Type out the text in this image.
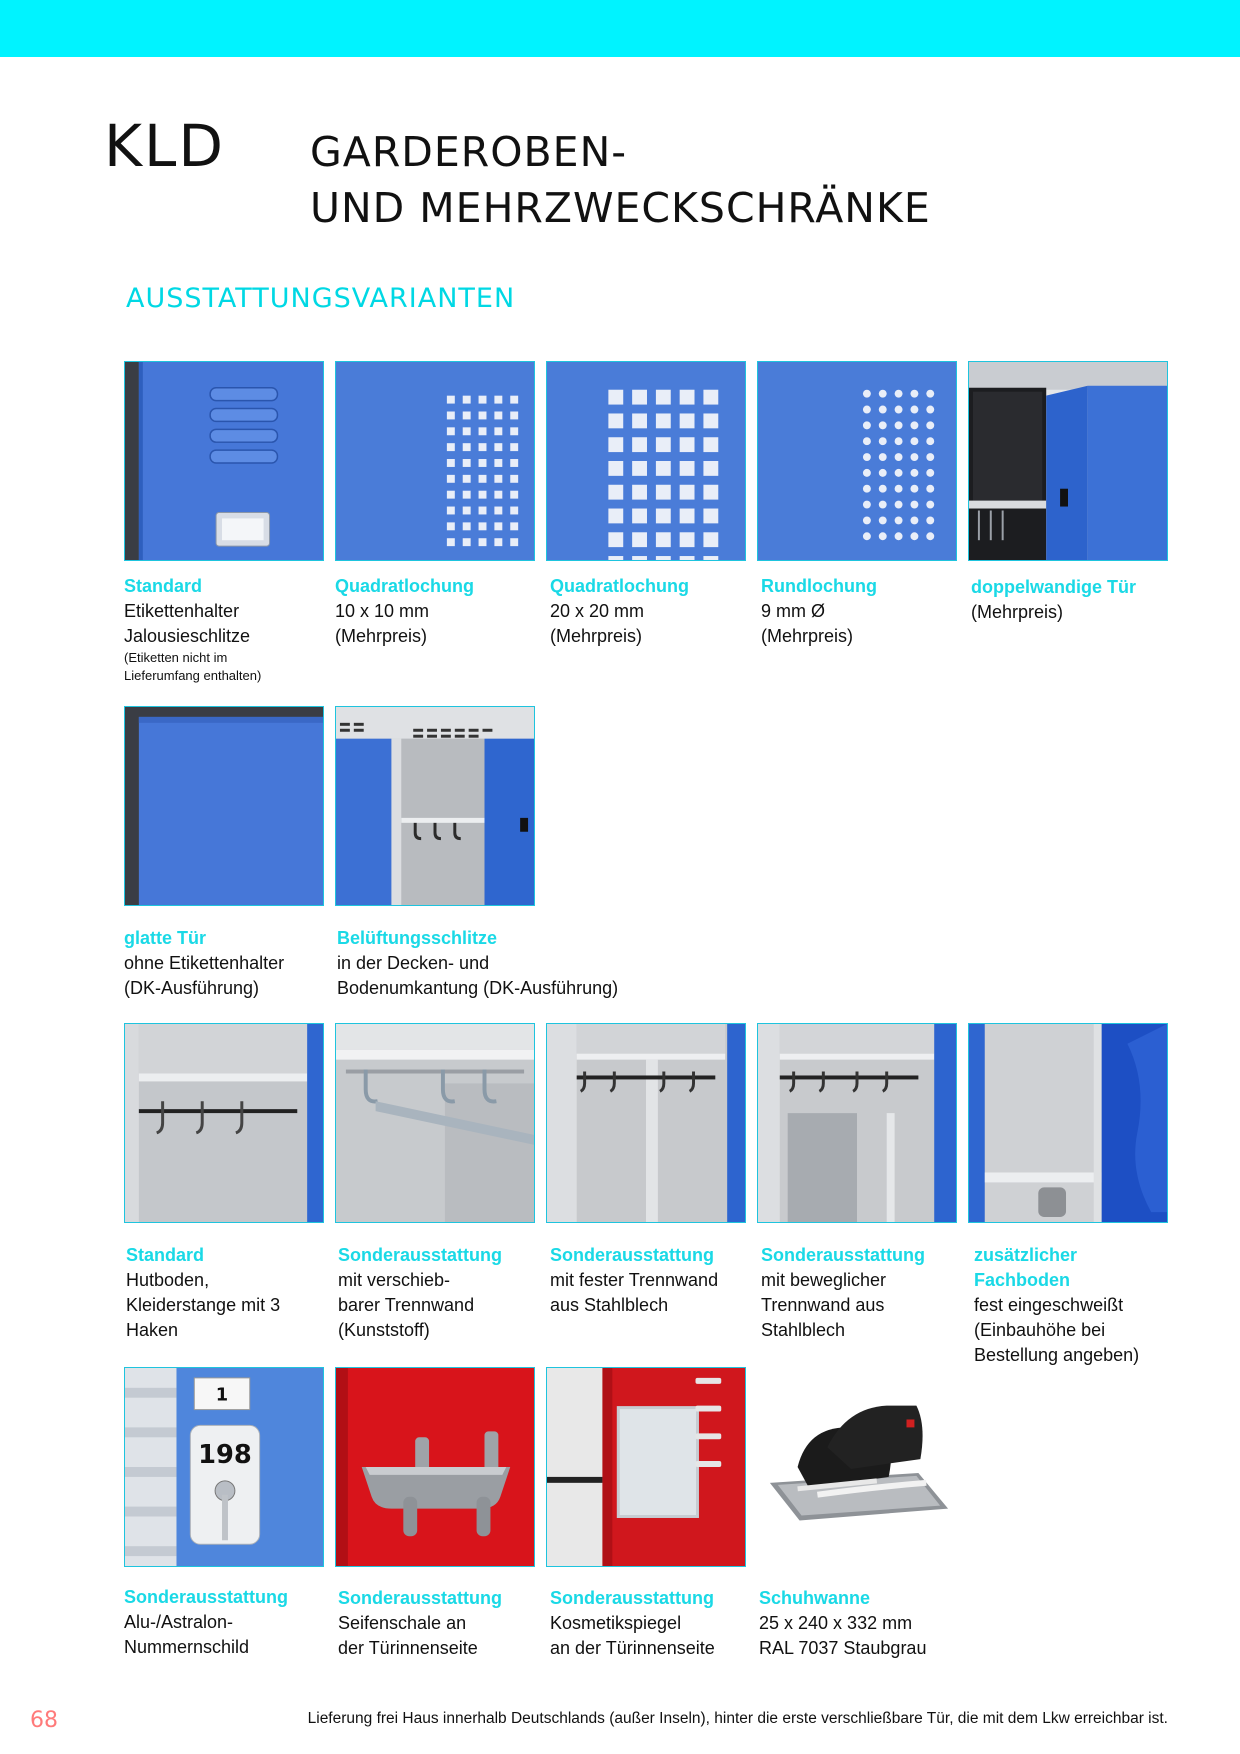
KLD GARDEROBEN-
UND MEHRZWECKSCHRÄNKE
AUSSTATTUNGSVARIANTEN
Standard
Etikettenhalter
Jalousieschlitze
(Etiketten nicht im
Lieferumfang enthalten)
Quadratlochung
10 x 10 mm
(Mehrpreis)
Quadratlochung
20 x 20 mm
(Mehrpreis)
Rundlochung
9 mm Ø
(Mehrpreis)
doppelwandige Tür
(Mehrpreis)
glatte Tür
ohne Etikettenhalter
(DK-Ausführung)
Belüftungsschlitze
in der Decken- und
Bodenumkantung (DK-Ausführung)
Standard
Hutboden,
Kleiderstange mit 3
Haken
Sonderausstattung
mit verschieb-
barer Trennwand
(Kunststoff)
Sonderausstattung
mit fester Trennwand
aus Stahlblech
Sonderausstattung
mit beweglicher
Trennwand aus
Stahlblech
zusätzlicher
Fachboden
fest eingeschweißt
(Einbauhöhe bei
Bestellung angeben)
1
198
Sonderausstattung
Alu-/Astralon-
Nummernschild
Sonderausstattung
Seifenschale an
der Türinnenseite
Sonderausstattung
Kosmetikspiegel
an der Türinnenseite
Schuhwanne
25 x 240 x 332 mm
RAL 7037 Staubgrau
68	Lieferung frei Haus innerhalb Deutschlands (außer Inseln), hinter die erste verschließbare Tür, die mit dem Lkw erreichbar ist.
